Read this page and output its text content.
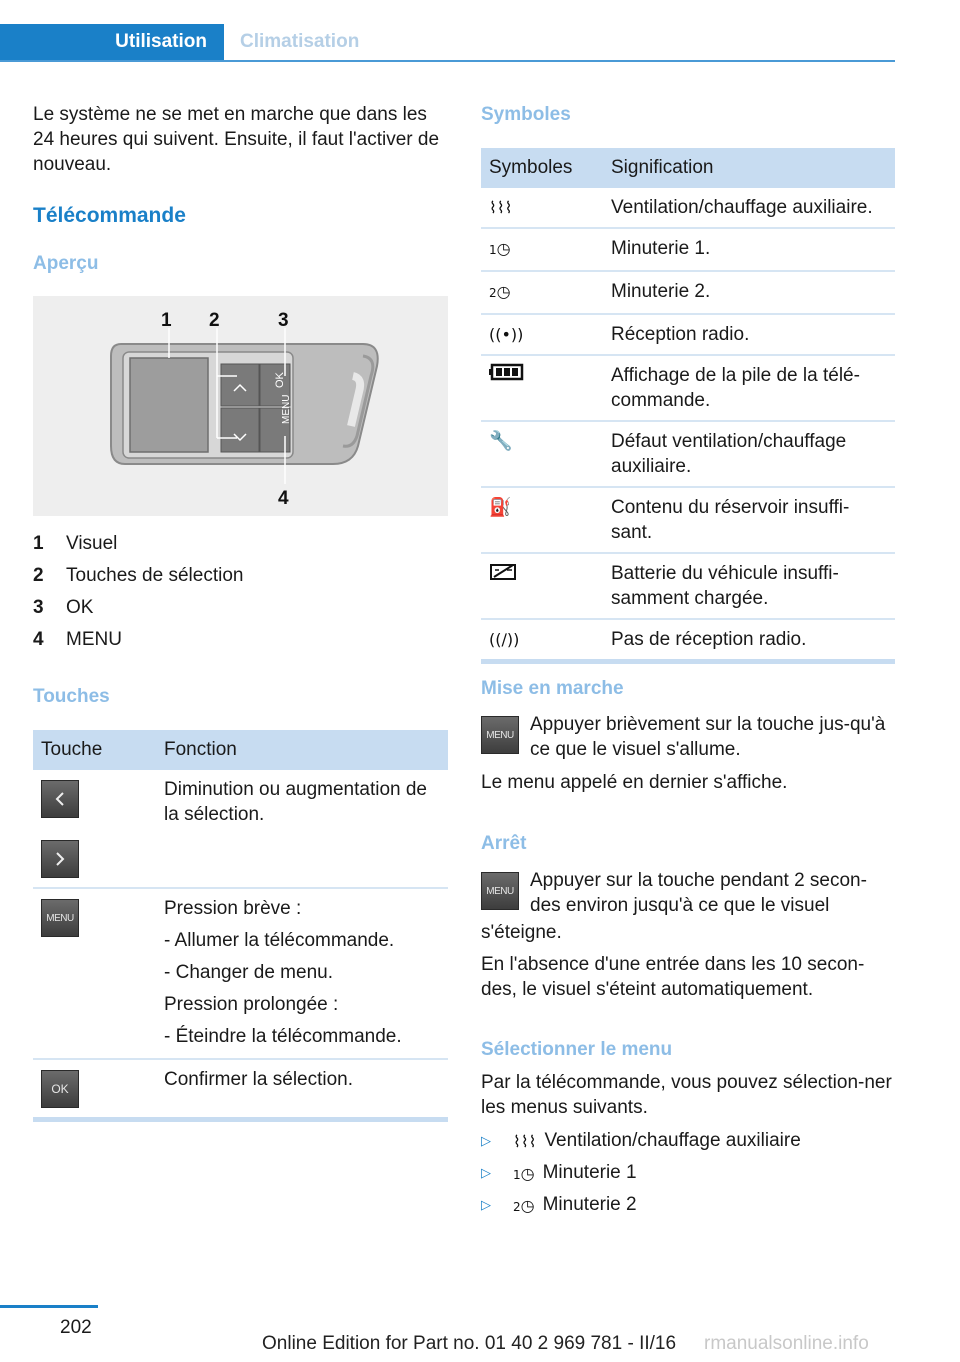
Utilisation	Climatisation

Le système ne se met en marche que dans les 24 heures qui suivent. Ensuite, il faut l'activer de nouveau.

Télécommande
Aperçu
OK
MENU
1 2	3
4
1	Visuel
2	Touches de sélection
3	OK
4	MENU
Touches
Touche	Fonction

	Diminution ou augmentation de la sélection.

MENU	Pression brève :
- Allumer la télécommande.
- Changer de menu.
Pression prolongée :
- Éteindre la télécommande.

OK	Confirmer la sélection.
Symboles
Symboles	Signification
⌇⌇⌇	Ventilation/chauffage auxiliaire.
1◷	Minuterie 1.
2◷	Minuterie 2.
((•))	Réception radio.
	Affichage de la pile de la télé-commande.
🔧	Défaut ventilation/chauffage auxiliaire.
⛽	Contenu du réservoir insuffi-sant.
	Batterie du véhicule insuffi-samment chargée.
((∕))	Pas de réception radio.
Mise en marche
MENU Appuyer brièvement sur la touche jus-qu'à ce que le visuel s'allume.

Le menu appelé en dernier s'affiche.

Arrêt
MENU Appuyer sur la touche pendant 2 secon-des environ jusqu'à ce que le visuel

s'éteigne.

En l'absence d'une entrée dans les 10 secon-des, le visuel s'éteint automatiquement.

Sélectionner le menu

Par la télécommande, vous pouvez sélection-ner les menus suivants.

▷	⌇⌇⌇ Ventilation/chauffage auxiliaire
▷	1◷ Minuterie 1
▷	2◷ Minuterie 2
202
Online Edition for Part no. 01 40 2 969 781 - II/16 rmanualsonline.info
